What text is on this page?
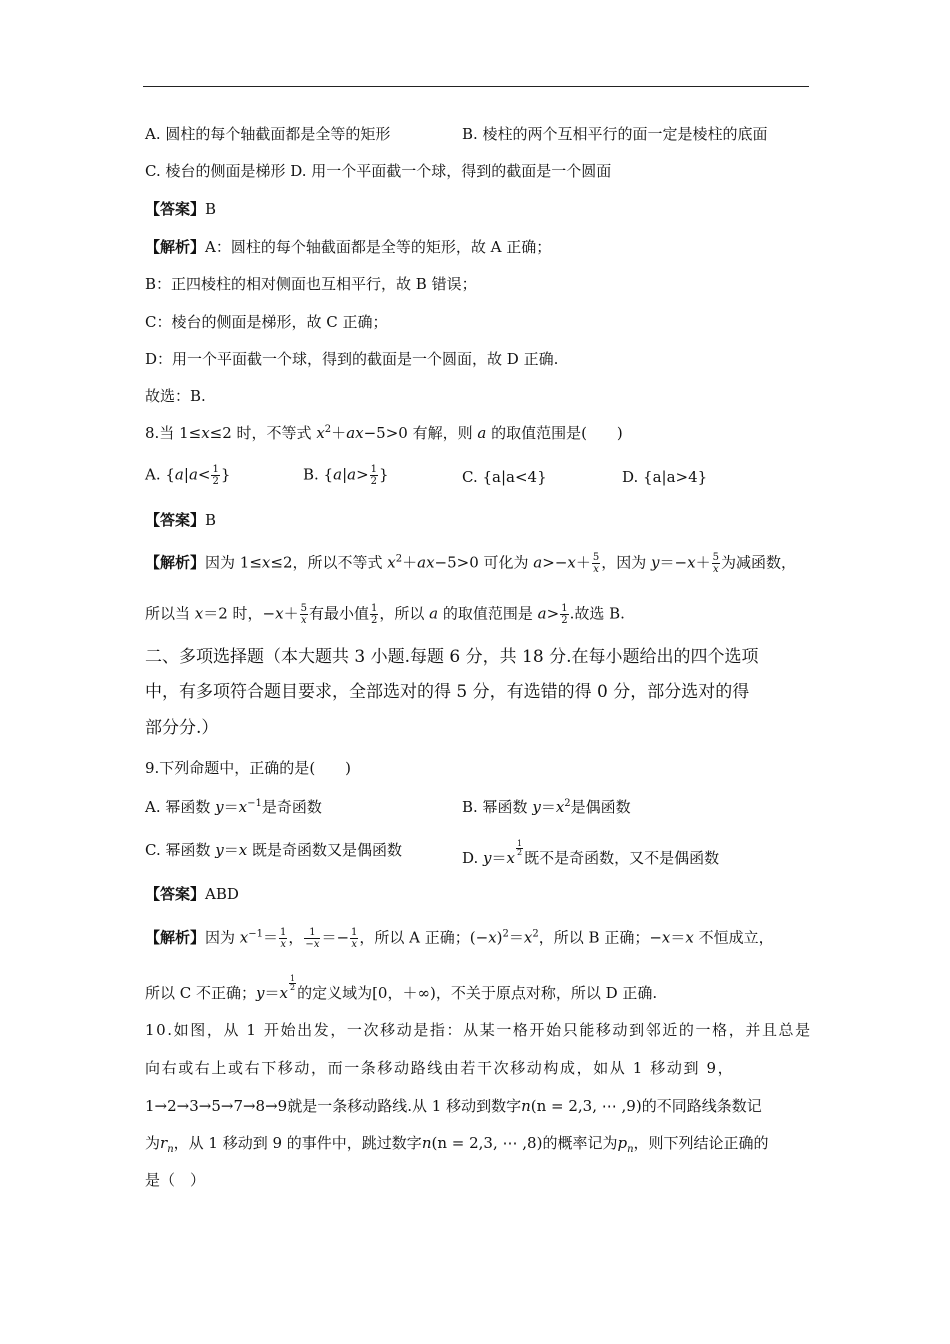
A. 圆柱的每个轴截面都是全等的矩形	B. 棱柱的两个互相平行的面一定是棱柱的底面
C. 棱台的侧面是梯形 D. 用一个平面截一个球，得到的截面是一个圆面
【答案】B
【解析】A：圆柱的每个轴截面都是全等的矩形，故 A 正确；
B：正四棱柱的相对侧面也互相平行，故 B 错误；
C：棱台的侧面是梯形，故 C 正确；
D：用一个平面截一个球，得到的截面是一个圆面，故 D 正确.
故选：B.
8.当 1≤x≤2 时，不等式 $x^2+ax-5>0$ 有解，则 a 的取值范围是(　　)
A. {$a|a< \frac{1}{2}$ }	B. {$a|a> \frac{1}{2}$ }	C. {a|a<4}	D. {a|a>4}
【答案】B
【解析】因为 1≤x≤2，所以不等式 $x^2+ax-5>0$ 可化为 $a>-x+ \frac{5}{x}$ ，因为 $y=-x+ \frac{5}{x}$ 为减函数，
所以当 x＝2 时，$-x+ \frac{5}{x}$ 有最小值 $\frac{1}{2}$ ，所以 a 的取值范围是 $a> \frac{1}{2}$ .故选 B.
二、多项选择题（本大题共 3 小题.每题 6 分，共 18 分.在每小题给出的四个选项
中，有多项符合题目要求，全部选对的得 5 分，有选错的得 0 分，部分选对的得
部分分.）
9.下列命题中，正确的是(　　)
A. 幂函数 $y=x^{-1}$是奇函数	B. 幂函数 $y=x^2$是偶函数
C. 幂函数 y＝x 既是奇函数又是偶函数	D. y＝x
$^{\frac{1}{2}}$
既不是奇函数，又不是偶函数
【答案】ABD
【解析】因为 $x^{-1}= \frac{1}{x}$ ， $\frac{1}{-x} =- \frac{1}{x}$ ，所以 A 正确；$(-x)^2=x^2$，所以 B 正确；−x＝x 不恒成立，
所以 C 不正确；y＝x
$^{\frac{1}{2}}$
的定义域为[0，＋∞)，不关于原点对称，所以 D 正确.
10.如图，从 1 开始出发，一次移动是指：从某一格开始只能移动到邻近的一格，并且总是
向右或右上或右下移动，而一条移动路线由若干次移动构成，如从 1 移动到 9，
1→2→3→5→7→8→9就是一条移动路线.从 1 移动到数字n(n = 2,3, ⋯ ,9)的不同路线条数记
为$r_n$，从 1 移动到 9 的事件中，跳过数字n(n = 2,3, ⋯ ,8)的概率记为$p_n$，则下列结论正确的
是（　）
